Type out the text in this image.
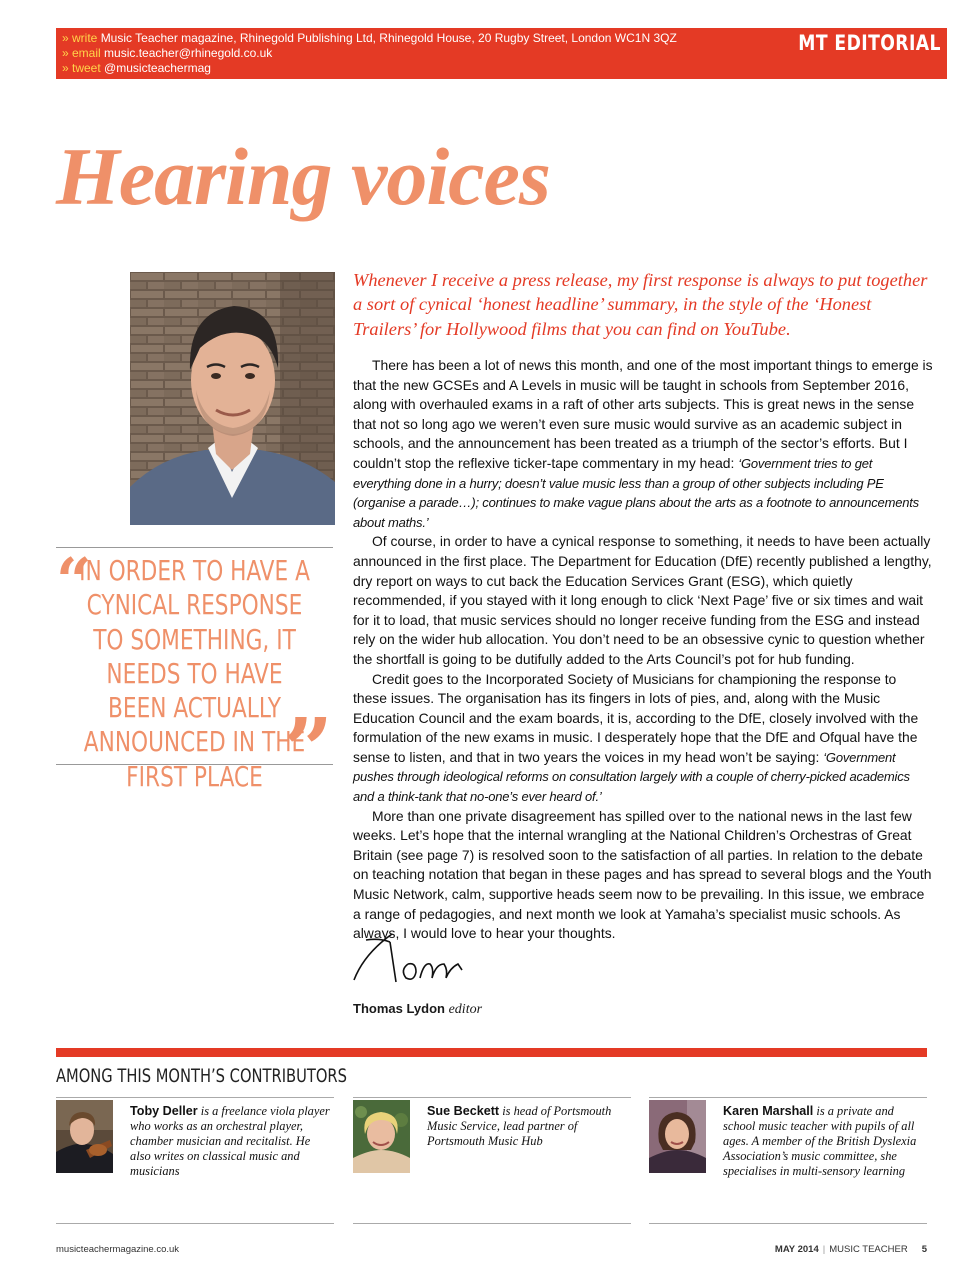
» write Music Teacher magazine, Rhinegold Publishing Ltd, Rhinegold House, 20 Rugby Street, London WC1N 3QZ
» email music.teacher@rhinegold.co.uk
» tweet @musicteachermag
MT EDITORIAL
Hearing voices
“
IN ORDER TO HAVE A CYNICAL RESPONSE TO SOMETHING, IT NEEDS TO HAVE BEEN ACTUALLY ANNOUNCED IN THE FIRST PLACE ”

Whenever I receive a press release, my first response is always to put together a sort of cynical ‘honest headline’ summary, in the style of the ‘Honest Trailers’ for Hollywood films that you can find on YouTube.

There has been a lot of news this month, and one of the most important things to emerge is that the new GCSEs and A Levels in music will be taught in schools from September 2016, along with overhauled exams in a raft of other arts subjects. This is great news in the sense that not so long ago we weren’t even sure music would survive as an academic subject in schools, and the announcement has been treated as a triumph of the sector’s efforts. But I couldn’t stop the reflexive ticker-tape commentary in my head: ‘Government tries to get everything done in a hurry; doesn’t value music less than a group of other subjects including PE (organise a parade…); continues to make vague plans about the arts as a footnote to announcements about maths.’

Of course, in order to have a cynical response to something, it needs to have been actually announced in the first place. The Department for Education (DfE) recently published a lengthy, dry report on ways to cut back the Education Services Grant (ESG), which quietly recommended, if you stayed with it long enough to click ‘Next Page’ five or six times and wait for it to load, that music services should no longer receive funding from the ESG and instead rely on the wider hub allocation. You don’t need to be an obsessive cynic to question whether the shortfall is going to be dutifully added to the Arts Council’s pot for hub funding.

Credit goes to the Incorporated Society of Musicians for championing the response to these issues. The organisation has its fingers in lots of pies, and, along with the Music Education Council and the exam boards, it is, according to the DfE, closely involved with the formulation of the new exams in music. I desperately hope that the DfE and Ofqual have the sense to listen, and that in two years the voices in my head won’t be saying: ‘Government pushes through ideological reforms on consultation largely with a couple of cherry-picked academics and a think-tank that no-one’s ever heard of.’

More than one private disagreement has spilled over to the national news in the last few weeks. Let’s hope that the internal wrangling at the National Children’s Orchestras of Great Britain (see page 7) is resolved soon to the satisfaction of all parties. In relation to the debate on teaching notation that began in these pages and has spread to several blogs and the Youth Music Network, calm, supportive heads seem now to be prevailing. In this issue, we embrace a range of pedagogies, and next month we look at Yamaha’s specialist music schools. As always, I would love to hear your thoughts.

Thomas Lydon editor
AMONG THIS MONTH’S CONTRIBUTORS
Toby Deller is a freelance viola player who works as an orchestral player, chamber musician and recitalist. He also writes on classical music and musicians
Sue Beckett is head of Portsmouth Music Service, lead partner of Portsmouth Music Hub
Karen Marshall is a private and school music teacher with pupils of all ages. A member of the British Dyslexia Association’s music committee, she specialises in multi-sensory learning
musicteachermagazine.co.uk	MAY 2014 | MUSIC TEACHER 5
